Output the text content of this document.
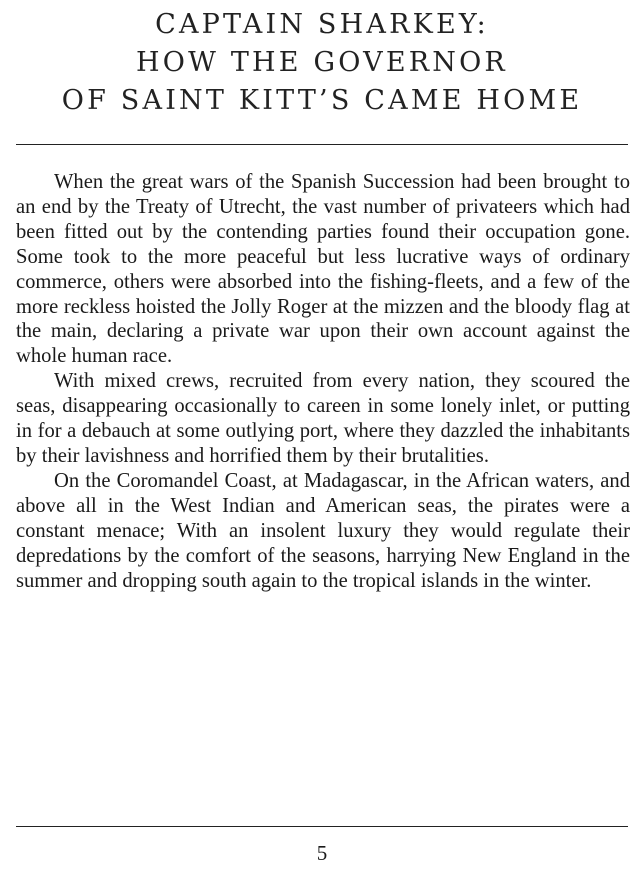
CAPTAIN SHARKEY:
HOW THE GOVERNOR
OF SAINT KITT’S CAME HOME

When the great wars of the Spanish Succession had been brought to an end by the Treaty of Utrecht, the vast number of privateers which had been fitted out by the contending parties found their occupation gone. Some took to the more peaceful but less lucrative ways of ordinary commerce, others were absorbed into the fishing-fleets, and a few of the more reckless hoisted the Jolly Roger at the mizzen and the bloody flag at the main, declaring a private war upon their own account against the whole human race.

With mixed crews, recruited from every nation, they scoured the seas, disappearing occasionally to careen in some lonely inlet, or putting in for a debauch at some outlying port, where they dazzled the inhabitants by their lavishness and horrified them by their brutalities.

On the Coromandel Coast, at Madagascar, in the African waters, and above all in the West Indian and American seas, the pirates were a constant menace; With an insolent luxury they would regulate their depredations by the comfort of the seasons, harrying New England in the summer and dropping south again to the tropical islands in the winter.

5
